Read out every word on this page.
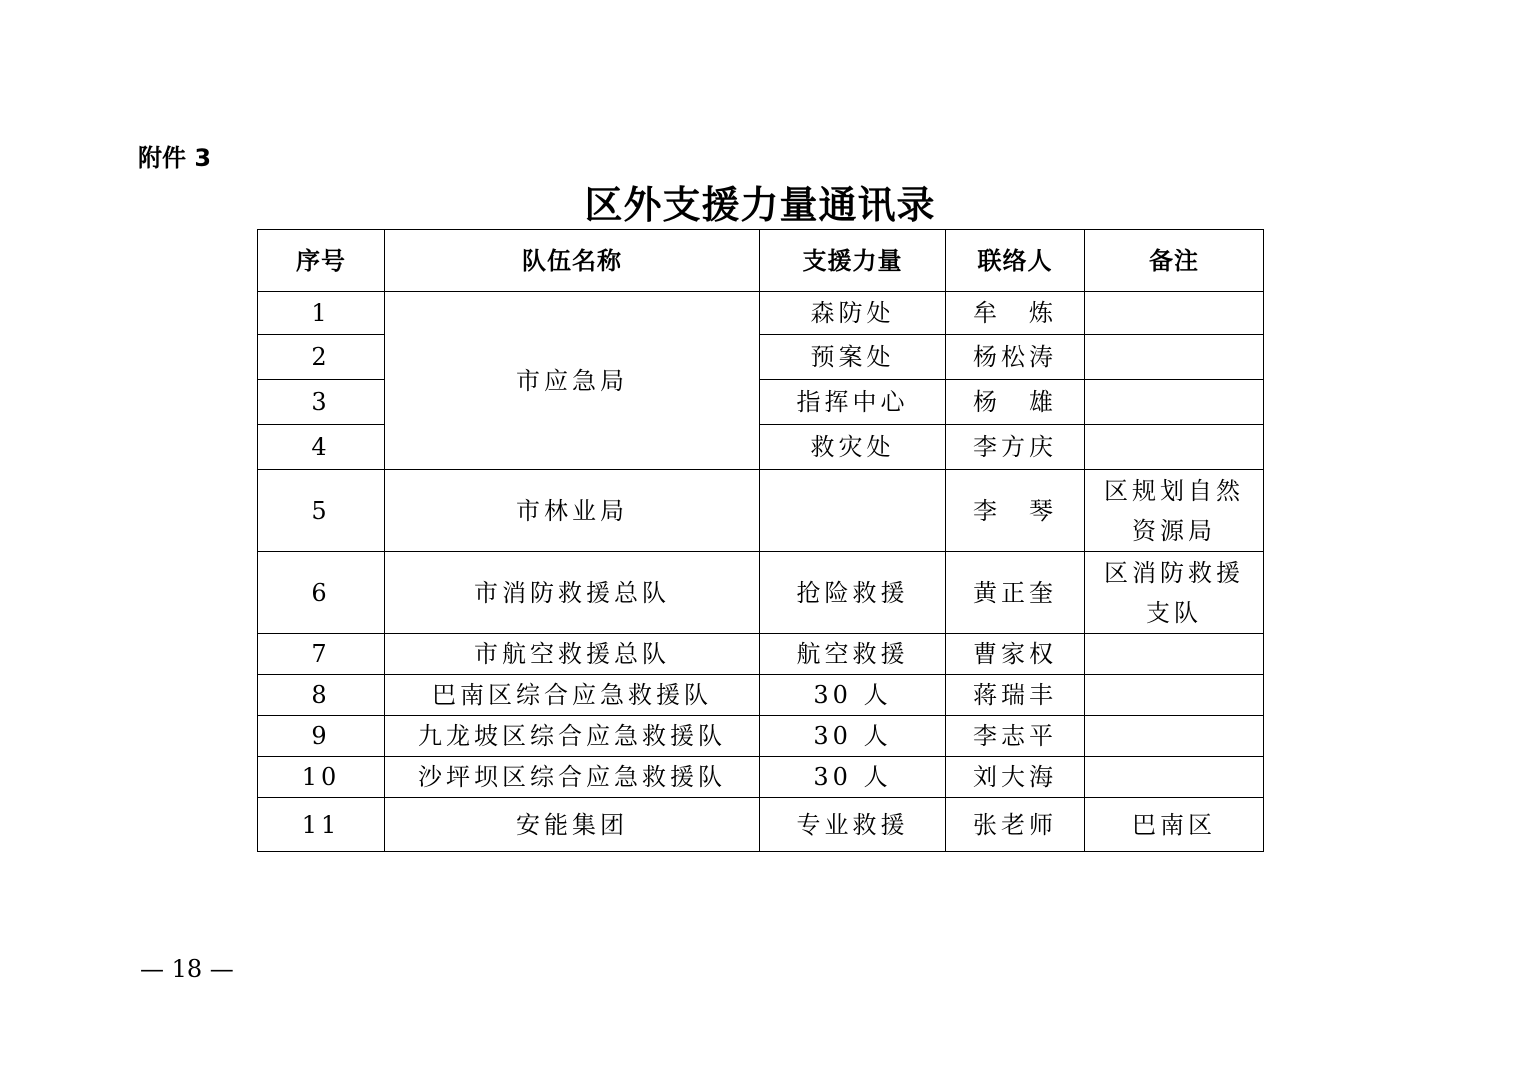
附件 3
区外支援力量通讯录
序号	队伍名称	支援力量	联络人	备注
1	市应急局	森防处	牟　炼	
2		预案处	杨松涛	
3		指挥中心	杨　雄	
4		救灾处	李方庆	
5	市林业局		李　琴	区规划自然资源局
6	市消防救援总队	抢险救援	黄正奎	区消防救援支队
7	市航空救援总队	航空救援	曹家权	
8	巴南区综合应急救援队	30 人	蒋瑞丰	
9	九龙坡区综合应急救援队	30 人	李志平	
10	沙坪坝区综合应急救援队	30 人	刘大海	
11	安能集团	专业救援	张老师	巴南区
— 18 —
